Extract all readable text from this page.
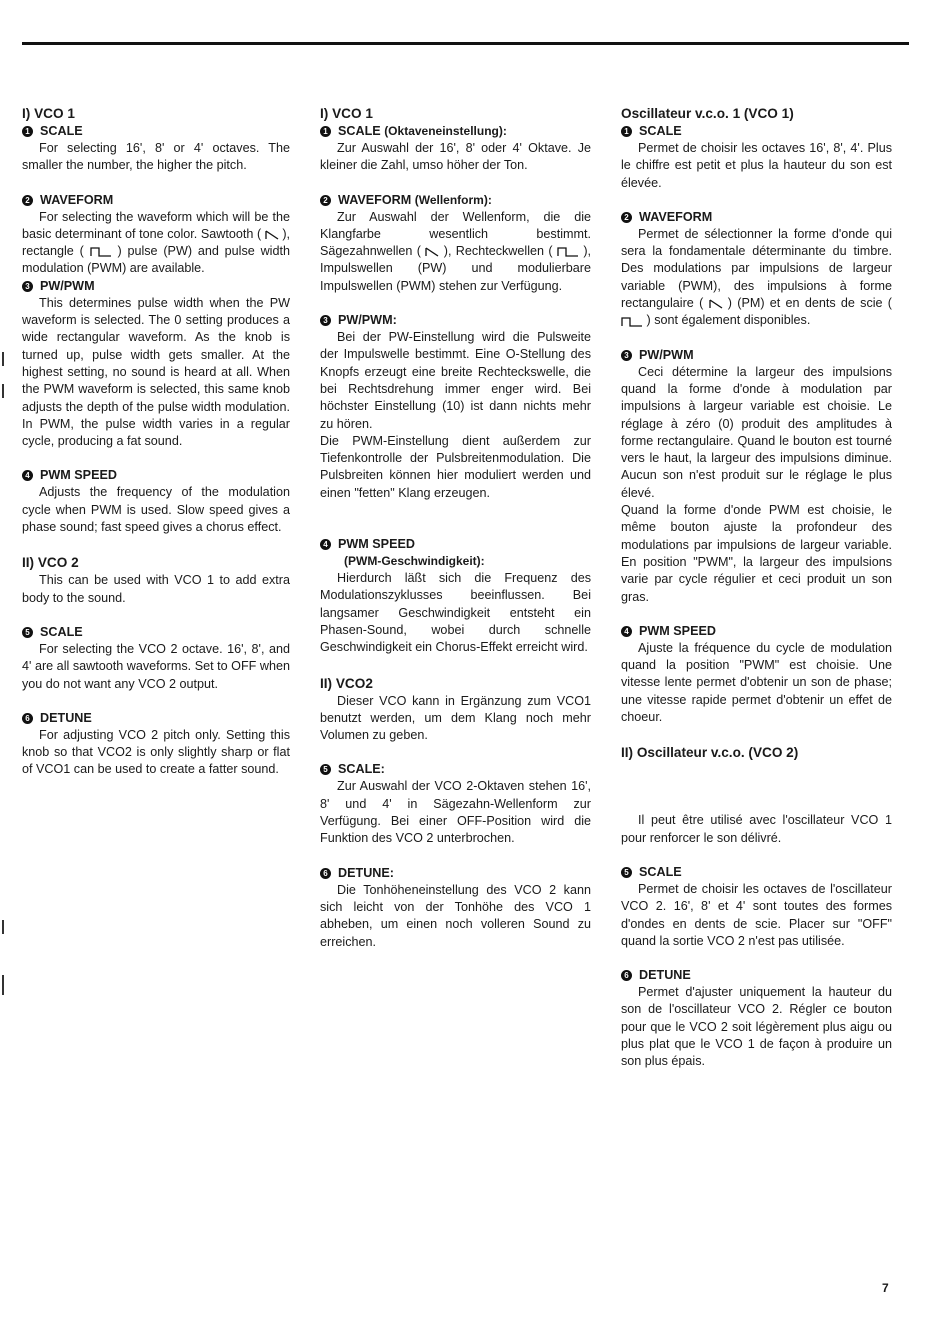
I) VCO 1
1 SCALE

For selecting 16', 8' or 4' octaves. The smaller the number, the higher the pitch.

2 WAVEFORM

For selecting the waveform which will be the basic determinant of tone color. Sawtooth ( ), rectangle (	) pulse (PW) and pulse width modulation (PWM) are available.

3 PW/PWM

This determines pulse width when the PW waveform is selected. The 0 setting produces a wide rectangular waveform. As the knob is turned up, pulse width gets smaller. At the highest setting, no sound is heard at all. When the PWM waveform is selected, this same knob adjusts the depth of the pulse width modulation. In PWM, the pulse width varies in a regular cycle, producing a fat sound.

4 PWM SPEED

Adjusts the frequency of the modulation cycle when PWM is used. Slow speed gives a phase sound; fast speed gives a chorus effect.

II) VCO 2

This can be used with VCO 1 to add extra body to the sound.

5 SCALE

For selecting the VCO 2 octave. 16', 8', and 4' are all sawtooth waveforms. Set to OFF when you do not want any VCO 2 output.

6 DETUNE

For adjusting VCO 2 pitch only. Setting this knob so that VCO2 is only slightly sharp or flat of VCO1 can be used to create a fatter sound.

I) VCO 1
1 SCALE
(Oktaveneinstellung):

Zur Auswahl der 16', 8' oder 4' Oktave. Je kleiner die Zahl, umso höher der Ton.

2 WAVEFORM
(Wellenform):

Zur Auswahl der Wellenform, die die Klangfarbe wesentlich bestimmt. Sägezahnwellen ( ), Rechteckwellen ( ), Impulswellen (PW) und modulierbare Impulswellen (PWM) stehen zur Verfügung.

3 PW/PWM:

Bei der PW-Einstellung wird die Pulsweite der Impulswelle bestimmt. Eine O-Stellung des Knopfs erzeugt eine breite Rechteckswelle, die bei Rechtsdrehung immer enger wird. Bei höchster Einstellung (10) ist dann nichts mehr zu hören.

Die PWM-Einstellung dient außerdem zur Tiefenkontrolle der Pulsbreitenmodulation. Die Pulsbreiten können hier moduliert werden und einen "fetten" Klang erzeugen.

4 PWM SPEED
(PWM-Geschwindigkeit):

Hierdurch läßt sich die Frequenz des Modulationszyklusses beeinflussen. Bei langsamer Geschwindigkeit entsteht ein Phasen-Sound, wobei durch schnelle Geschwindigkeit ein Chorus-Effekt erreicht wird.

II) VCO2

Dieser VCO kann in Ergänzung zum VCO1 benutzt werden, um dem Klang noch mehr Volumen zu geben.

5 SCALE:

Zur Auswahl der VCO 2-Oktaven stehen 16', 8' und 4' in Sägezahn-Wellenform zur Verfügung. Bei einer OFF-Position wird die Funktion des VCO 2 unterbrochen.

6 DETUNE:

Die Tonhöheneinstellung des VCO 2 kann sich leicht von der Tonhöhe des VCO 1 abheben, um einen noch volleren Sound zu erreichen.

Oscillateur v.c.o. 1 (VCO 1)
1 SCALE

Permet de choisir les octaves 16', 8', 4'. Plus le chiffre est petit et plus la hauteur du son est élevée.

2 WAVEFORM

Permet de sélectionner la forme d'onde qui sera la fondamentale déterminante du timbre. Des modulations par impulsions de largeur variable (PWM), des impulsions à forme rectangulaire ( ) (PM) et en dents de scie (  ) sont également disponibles.

3 PW/PWM

Ceci détermine la largeur des impulsions quand la forme d'onde à modulation par impulsions à largeur variable est choisie. Le réglage à zéro (0) produit des amplitudes à forme rectangulaire. Quand le bouton est tourné vers le haut, la largeur des impulsions diminue. Aucun son n'est produit sur le réglage le plus élevé.

Quand la forme d'onde PWM est choisie, le même bouton ajuste la profondeur des modulations par impulsions de largeur variable. En position "PWM", la largeur des impulsions varie par cycle régulier et ceci produit un son gras.

4 PWM SPEED

Ajuste la fréquence du cycle de modulation quand la position "PWM" est choisie. Une vitesse lente permet d'obtenir un son de phase; une vitesse rapide permet d'obtenir un effet de choeur.

II) Oscillateur v.c.o. (VCO 2)

Il peut être utilisé avec l'oscillateur VCO 1 pour renforcer le son délivré.

5 SCALE

Permet de choisir les octaves de l'oscillateur VCO 2. 16', 8' et 4' sont toutes des formes d'ondes en dents de scie. Placer sur "OFF" quand la sortie VCO 2 n'est pas utilisée.

6 DETUNE

Permet d'ajuster uniquement la hauteur du son de l'oscillateur VCO 2. Régler ce bouton pour que le VCO 2 soit légèrement plus aigu ou plus plat que le VCO 1 de façon à produire un son plus épais.

7
